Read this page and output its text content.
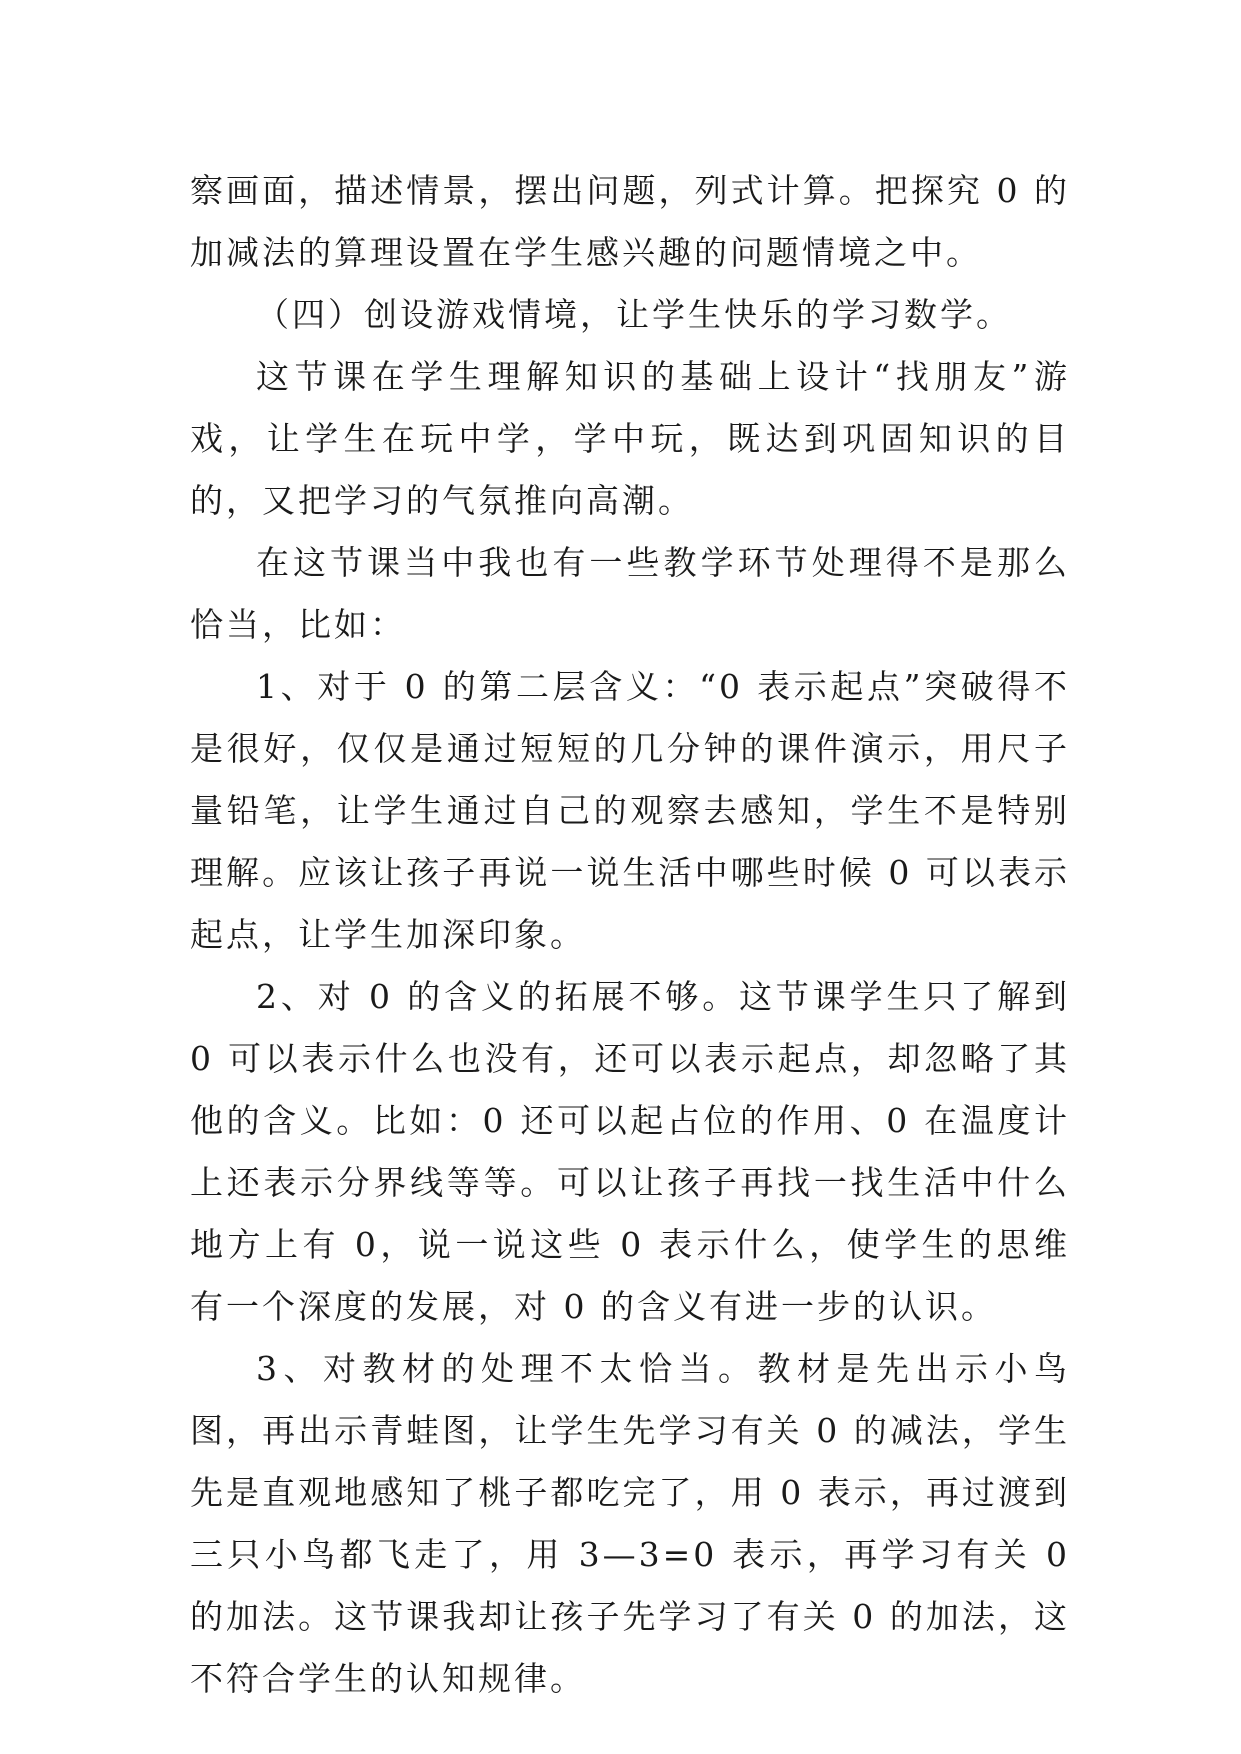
察画面，描述情景，摆出问题，列式计算。把探究 0 的加减法的算理设置在学生感兴趣的问题情境之中。

（四）创设游戏情境，让学生快乐的学习数学。

这节课在学生理解知识的基础上设计“找朋友”游戏，让学生在玩中学，学中玩，既达到巩固知识的目的，又把学习的气氛推向高潮。

在这节课当中我也有一些教学环节处理得不是那么恰当，比如：

1、对于 0 的第二层含义：“0 表示起点”突破得不是很好，仅仅是通过短短的几分钟的课件演示，用尺子量铅笔，让学生通过自己的观察去感知，学生不是特别理解。应该让孩子再说一说生活中哪些时候 0 可以表示起点，让学生加深印象。

2、对 0 的含义的拓展不够。这节课学生只了解到 0 可以表示什么也没有，还可以表示起点，却忽略了其他的含义。比如：0 还可以起占位的作用、0 在温度计上还表示分界线等等。可以让孩子再找一找生活中什么地方上有 0，说一说这些 0 表示什么，使学生的思维有一个深度的发展，对 0 的含义有进一步的认识。

3、对教材的处理不太恰当。教材是先出示小鸟图，再出示青蛙图，让学生先学习有关 0 的减法，学生先是直观地感知了桃子都吃完了，用 0 表示，再过渡到三只小鸟都飞走了，用 3—3=0 表示，再学习有关 0 的加法。这节课我却让孩子先学习了有关 0 的加法，这不符合学生的认知规律。
